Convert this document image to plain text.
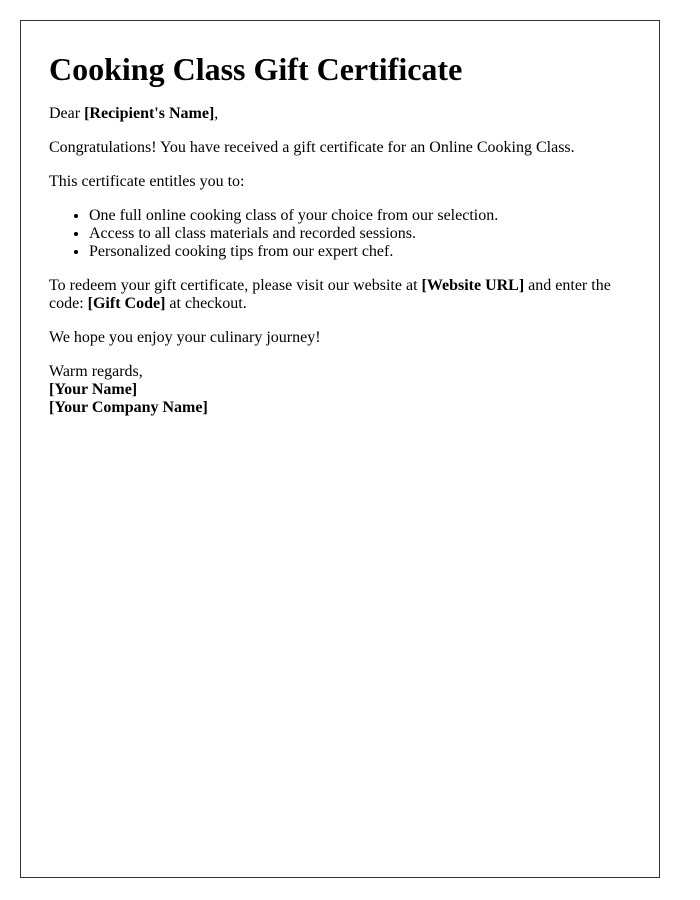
Cooking Class Gift Certificate

Dear [Recipient's Name],

Congratulations! You have received a gift certificate for an Online Cooking Class.

This certificate entitles you to:

• One full online cooking class of your choice from our selection.
• Access to all class materials and recorded sessions.
• Personalized cooking tips from our expert chef.

To redeem your gift certificate, please visit our website at [Website URL] and enter the code: [Gift Code] at checkout.

We hope you enjoy your culinary journey!

Warm regards,
[Your Name]
[Your Company Name]
